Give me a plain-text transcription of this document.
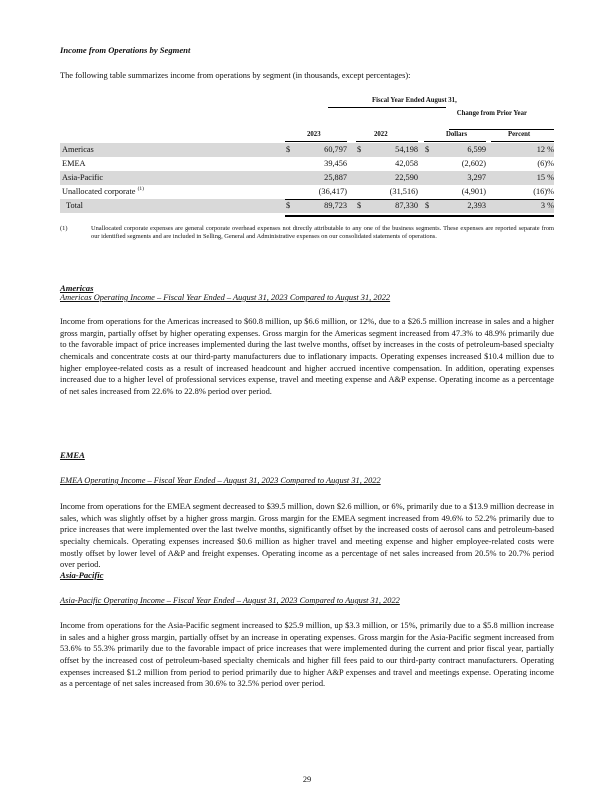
Income from Operations by Segment
The following table summarizes income from operations by segment (in thousands, except percentages):
Fiscal Year Ended August 31,
Change from Prior Year
2023	2022	Dollars	Percent
Americas	$	60,797 $	54,198 $	6,599	12 %
EMEA	39,456	42,058	(2,602)	(6)%
Asia-Pacific	25,887	22,590	3,297	15 %
Unallocated corporate $^{(1)}$	(36,417)	(31,516)	(4,901)	(16)%
Total	$	89,723 $	87,330 $	2,393	3 %
(1)	Unallocated corporate expenses are general corporate overhead expenses not directly attributable to any one of the business segments. These expenses are reported separate from our identified segments and are included in Selling, General and Administrative expenses on our consolidated statements of operations.
Americas
Americas Operating Income – Fiscal Year Ended – August 31, 2023 Compared to August 31, 2022
Income from operations for the Americas increased to $60.8 million, up $6.6 million, or 12%, due to a $26.5 million increase in sales and a higher gross margin, partially offset by higher operating expenses. Gross margin for the Americas segment increased from 47.3% to 48.9% primarily due to the favorable impact of price increases implemented during the last twelve months, offset by increases in the costs of petroleum-based specialty chemicals and concentrate costs at our third-party manufacturers due to inflationary impacts. Operating expenses increased $10.4 million due to higher employee-related costs as a result of increased headcount and higher accrued incentive compensation. In addition, operating expenses increased due to a higher level of professional services expense, travel and meeting expense and A&P expense. Operating income as a percentage of net sales increased from 22.6% to 22.8% period over period.
EMEA
EMEA Operating Income – Fiscal Year Ended – August 31, 2023 Compared to August 31, 2022
Income from operations for the EMEA segment decreased to $39.5 million, down $2.6 million, or 6%, primarily due to a $13.9 million decrease in sales, which was slightly offset by a higher gross margin. Gross margin for the EMEA segment increased from 49.6% to 52.2% primarily due to price increases that were implemented over the last twelve months, significantly offset by the increased costs of aerosol cans and petroleum-based specialty chemicals. Operating expenses increased $0.6 million as higher travel and meeting expense and higher employee-related costs were mostly offset by lower level of A&P and freight expenses. Operating income as a percentage of net sales increased from 20.5% to 20.7% period over period.
Asia-Pacific
Asia-Pacific Operating Income – Fiscal Year Ended – August 31, 2023 Compared to August 31, 2022
Income from operations for the Asia-Pacific segment increased to $25.9 million, up $3.3 million, or 15%, primarily due to a $5.8 million increase in sales and a higher gross margin, partially offset by an increase in operating expenses. Gross margin for the Asia-Pacific segment increased from 53.6% to 55.3% primarily due to the favorable impact of price increases that were implemented during the current and prior fiscal year, partially offset by the increased cost of petroleum-based specialty chemicals and higher fill fees paid to our third-party contract manufacturers. Operating expenses increased $1.2 million from period to period primarily due to higher A&P expenses and travel and meetings expense. Operating income as a percentage of net sales increased from 30.6% to 32.5% period over period.
29
